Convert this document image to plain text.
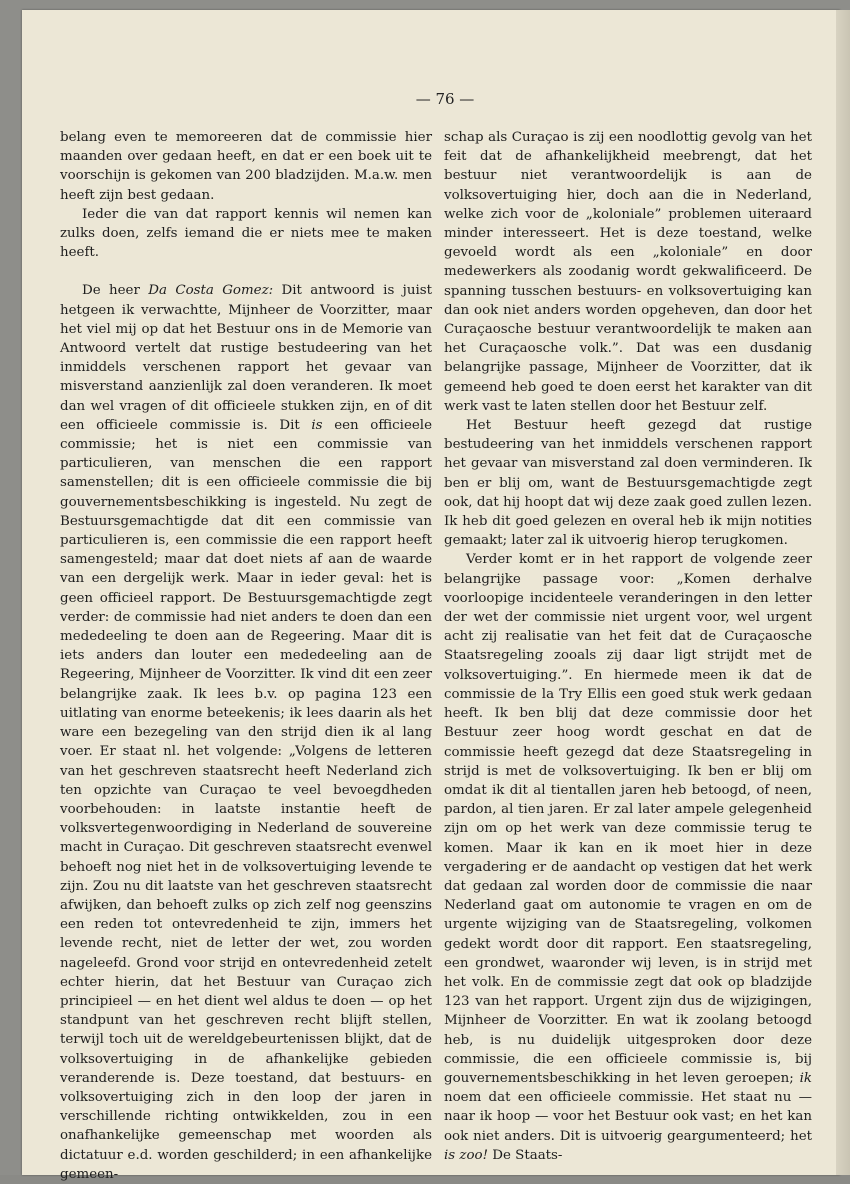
— 76 —

belang even te memoreeren dat de commissie hier maanden over gedaan heeft, en dat er een boek uit te voorschijn is gekomen van 200 bladzijden. M.a.w. men heeft zijn best gedaan.

Ieder die van dat rapport kennis wil nemen kan zulks doen, zelfs iemand die er niets mee te maken heeft.

De heer Da Costa Gomez: Dit antwoord is juist hetgeen ik verwachtte, Mijnheer de Voorzitter, maar het viel mij op dat het Bestuur ons in de Memorie van Antwoord vertelt dat rustige bestudeering van het inmiddels verschenen rapport het gevaar van misverstand aanzienlijk zal doen veranderen. Ik moet dan wel vragen of dit officieele stukken zijn, en of dit een officieele commissie is. Dit is een officieele commissie; het is niet een commissie van particulieren, van menschen die een rapport samenstellen; dit is een officieele commissie die bij gouvernementsbeschikking is ingesteld. Nu zegt de Bestuursgemachtigde dat dit een commissie van particulieren is, een commissie die een rapport heeft samengesteld; maar dat doet niets af aan de waarde van een dergelijk werk. Maar in ieder geval: het is geen officieel rapport. De Bestuursgemachtigde zegt verder: de commissie had niet anders te doen dan een mededeeling te doen aan de Regeering. Maar dit is iets anders dan louter een mededeeling aan de Regeering, Mijnheer de Voorzitter. Ik vind dit een zeer belangrijke zaak. Ik lees b.v. op pagina 123 een uitlating van enorme beteekenis; ik lees daarin als het ware een bezegeling van den strijd dien ik al lang voer. Er staat nl. het volgende: „Volgens de letteren van het geschreven staatsrecht heeft Nederland zich ten opzichte van Curaçao te veel bevoegdheden voorbehouden: in laatste instantie heeft de volksvertegenwoordiging in Nederland de souvereine macht in Curaçao. Dit geschreven staatsrecht evenwel behoeft nog niet het in de volksovertuiging levende te zijn. Zou nu dit laatste van het geschreven staatsrecht afwijken, dan behoeft zulks op zich zelf nog geenszins een reden tot ontevredenheid te zijn, immers het levende recht, niet de letter der wet, zou worden nageleefd. Grond voor strijd en ontevredenheid zetelt echter hierin, dat het Bestuur van Curaçao zich principieel — en het dient wel aldus te doen — op het standpunt van het geschreven recht blijft stellen, terwijl toch uit de wereldgebeurtenissen blijkt, dat de volksovertuiging in de afhankelijke gebieden veranderende is. Deze toestand, dat bestuurs- en volksovertuiging zich in den loop der jaren in verschillende richting ontwikkelden, zou in een onafhankelijke gemeenschap met woorden als dictatuur e.d. worden geschilderd; in een afhankelijke gemeen-

schap als Curaçao is zij een noodlottig gevolg van het feit dat de afhankelijkheid meebrengt, dat het bestuur niet verantwoordelijk is aan de volksovertuiging hier, doch aan die in Nederland, welke zich voor de „koloniale” problemen uiteraard minder interesseert. Het is deze toestand, welke gevoeld wordt als een „koloniale” en door medewerkers als zoodanig wordt gekwalificeerd. De spanning tusschen bestuurs- en volksovertuiging kan dan ook niet anders worden opgeheven, dan door het Curaçaosche bestuur verantwoordelijk te maken aan het Curaçaosche volk.”. Dat was een dusdanig belangrijke passage, Mijnheer de Voorzitter, dat ik gemeend heb goed te doen eerst het karakter van dit werk vast te laten stellen door het Bestuur zelf.

Het Bestuur heeft gezegd dat rustige bestudeering van het inmiddels verschenen rapport het gevaar van misverstand zal doen verminderen. Ik ben er blij om, want de Bestuursgemachtigde zegt ook, dat hij hoopt dat wij deze zaak goed zullen lezen. Ik heb dit goed gelezen en overal heb ik mijn notities gemaakt; later zal ik uitvoerig hierop terugkomen.

Verder komt er in het rapport de volgende zeer belangrijke passage voor: „Komen derhalve voorloopige incidenteele veranderingen in den letter der wet der commissie niet urgent voor, wel urgent acht zij realisatie van het feit dat de Curaçaosche Staatsregeling zooals zij daar ligt strijdt met de volksovertuiging.”. En hiermede meen ik dat de commissie de la Try Ellis een goed stuk werk gedaan heeft. Ik ben blij dat deze commissie door het Bestuur zeer hoog wordt geschat en dat de commissie heeft gezegd dat deze Staatsregeling in strijd is met de volksovertuiging. Ik ben er blij om omdat ik dit al tientallen jaren heb betoogd, of neen, pardon, al tien jaren. Er zal later ampele gelegenheid zijn om op het werk van deze commissie terug te komen. Maar ik kan en ik moet hier in deze vergadering er de aandacht op vestigen dat het werk dat gedaan zal worden door de commissie die naar Nederland gaat om autonomie te vragen en om de urgente wijziging van de Staatsregeling, volkomen gedekt wordt door dit rapport. Een staatsregeling, een grondwet, waaronder wij leven, is in strijd met het volk. En de commissie zegt dat ook op bladzijde 123 van het rapport. Urgent zijn dus de wijzigingen, Mijnheer de Voorzitter. En wat ik zoolang betoogd heb, is nu duidelijk uitgesproken door deze commissie, die een officieele commissie is, bij gouvernementsbeschikking in het leven geroepen; ik noem dat een officieele commissie. Het staat nu — naar ik hoop — voor het Bestuur ook vast; en het kan ook niet anders. Dit is uitvoerig geargumenteerd; het is zoo! De Staats-
